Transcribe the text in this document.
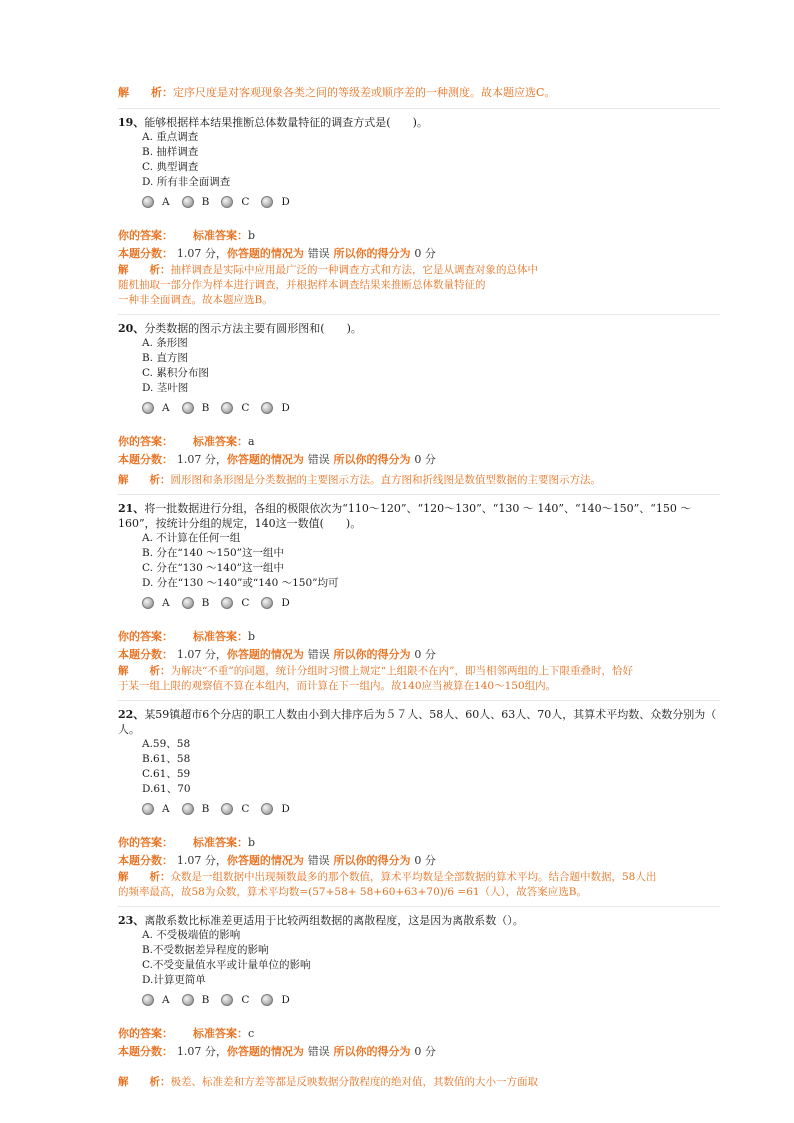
解　　析：定序尺度是对客观现象各类之间的等级差或顺序差的一种测度。故本题应选C。
19、能够根据样本结果推断总体数量特征的调查方式是(　　)。
A. 重点调查
B. 抽样调查
C. 典型调查
D. 所有非全面调查
A	B	C	D
你的答案： 标准答案：b
本题分数： 1.07 分，你答题的情况为 错误 所以你的得分为 0 分
解　　析：抽样调查是实际中应用最广泛的一种调查方式和方法，它是从调查对象的总体中
随机抽取一部分作为样本进行调查，并根据样本调查结果来推断总体数量特征的
一种非全面调查。故本题应选B。
20、分类数据的图示方法主要有圆形图和(　　)。
A. 条形图
B. 直方图
C. 累积分布图
D. 茎叶图
A	B	C	D
你的答案： 标准答案：a
本题分数： 1.07 分，你答题的情况为 错误 所以你的得分为 0 分
解　　析：圆形图和条形图是分类数据的主要图示方法。直方图和折线图是数值型数据的主要图示方法。
21、将一批数据进行分组，各组的极限依次为“110～120”、“120～130”、“130 ～ 140”、“140～150”、“150 ～
160”，按统计分组的规定，140这一数值(　　)。
A. 不计算在任何一组
B. 分在“140 ～150”这一组中
C. 分在“130 ～140”这一组中
D. 分在“130 ～140”或“140 ～150”均可
A	B	C	D
你的答案： 标准答案：b
本题分数： 1.07 分，你答题的情况为 错误 所以你的得分为 0 分
解　　析：为解决“不重”的问题，统计分组时习惯上规定“上组限不在内”，即当相邻两组的上下限重叠时，恰好
于某一组上限的观察值不算在本组内，而计算在下一组内。故140应当被算在140～150组内。
22、某59镇超市6个分店的职工人数由小到大排序后为５７人、58人、60人、63人、70人，其算术平均数、众数分别为（
人。
A.59、58
B.61、58
C.61、59
D.61、70
A	B	C	D
你的答案： 标准答案：b
本题分数： 1.07 分，你答题的情况为 错误 所以你的得分为 0 分
解　　析：众数是一组数据中出现频数最多的那个数值，算术平均数是全部数据的算术平均。结合题中数据，58人出
的频率最高，故58为众数，算术平均数=(57+58+ 58+60+63+70)/6 =61（人），故答案应选B。
23、离散系数比标准差更适用于比较两组数据的离散程度，这是因为离散系数（）。
A. 不受极端值的影响
B.不受数据差异程度的影响
C.不受变量值水平或计量单位的影响
D.计算更简单
A	B	C	D
你的答案： 标准答案：c
本题分数： 1.07 分，你答题的情况为 错误 所以你的得分为 0 分
解　　析：极差、标准差和方差等都是反映数据分散程度的绝对值，其数值的大小一方面取
